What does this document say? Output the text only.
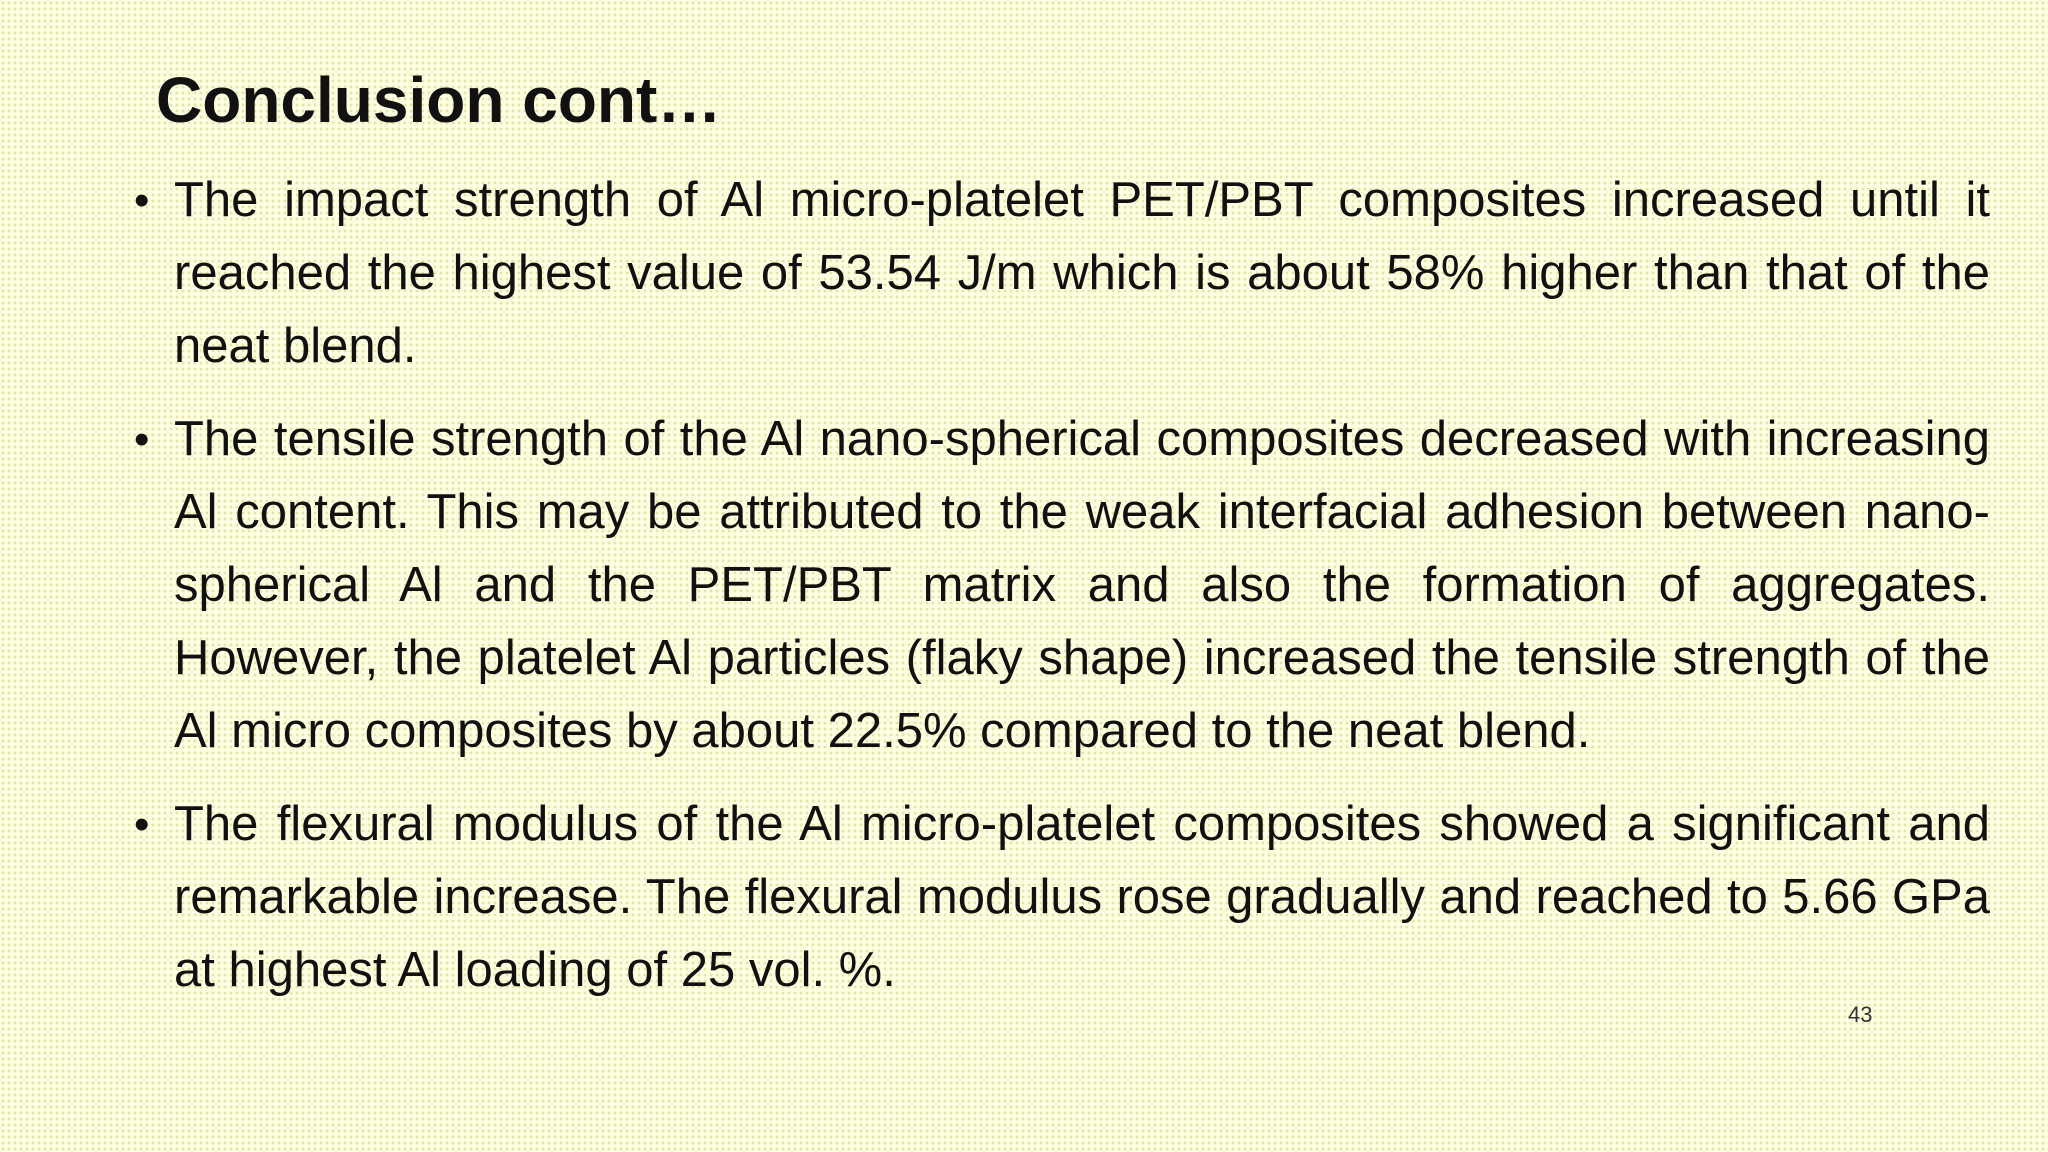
Conclusion cont…
• The impact strength of Al micro-platelet PET/PBT composites increased until it reached the highest value of 53.54 J/m which is about 58% higher than that of the neat blend.
• The tensile strength of the Al nano-spherical composites decreased with increasing Al content. This may be attributed to the weak interfacial adhesion between nano-spherical Al and the PET/PBT matrix and also the formation of aggregates. However, the platelet Al particles (flaky shape) increased the tensile strength of the Al micro composites by about 22.5% compared to the neat blend.
• The flexural modulus of the Al micro-platelet composites showed a significant and remarkable increase. The flexural modulus rose gradually and reached to 5.66 GPa at highest Al loading of 25 vol. %.
43
